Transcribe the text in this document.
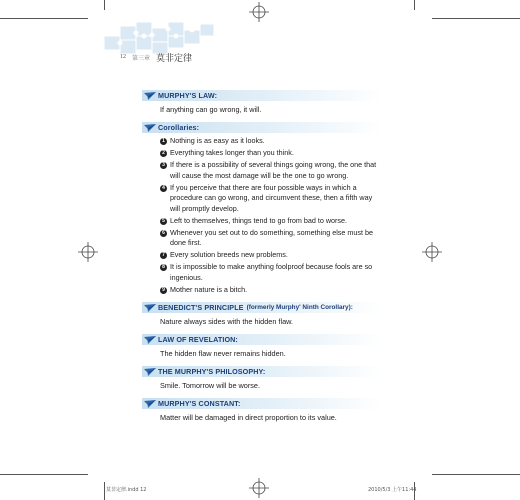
12 第三章 莫非定律
MURPHY'S LAW:
If anything can go wrong, it will.
Corollaries:
1 Nothing is as easy as it looks.
2 Everything takes longer than you think.
3 If there is a possibility of several things going wrong, the one that will cause the most damage will be the one to go wrong.
4 If you perceive that there are four possible ways in which a procedure can go wrong, and circumvent these, then a fifth way will promptly develop.
5 Left to themselves, things tend to go from bad to worse.
6 Whenever you set out to do something, something else must be done first.
7 Every solution breeds new problems.
8 It is impossible to make anything foolproof because fools are so ingenious.
9 Mother nature is a bitch.
BENEDICT'S PRINCIPLE (formerly Murphy' Ninth Corollary):
Nature always sides with the hidden flaw.
LAW OF REVELATION:
The hidden flaw never remains hidden.
THE MURPHY'S PHILOSOPHY:
Smile. Tomorrow will be worse.
MURPHY'S CONSTANT:
Matter will be damaged in direct proportion to its value.
莫非定律.indd 12	2010/5/3 上午11:44
